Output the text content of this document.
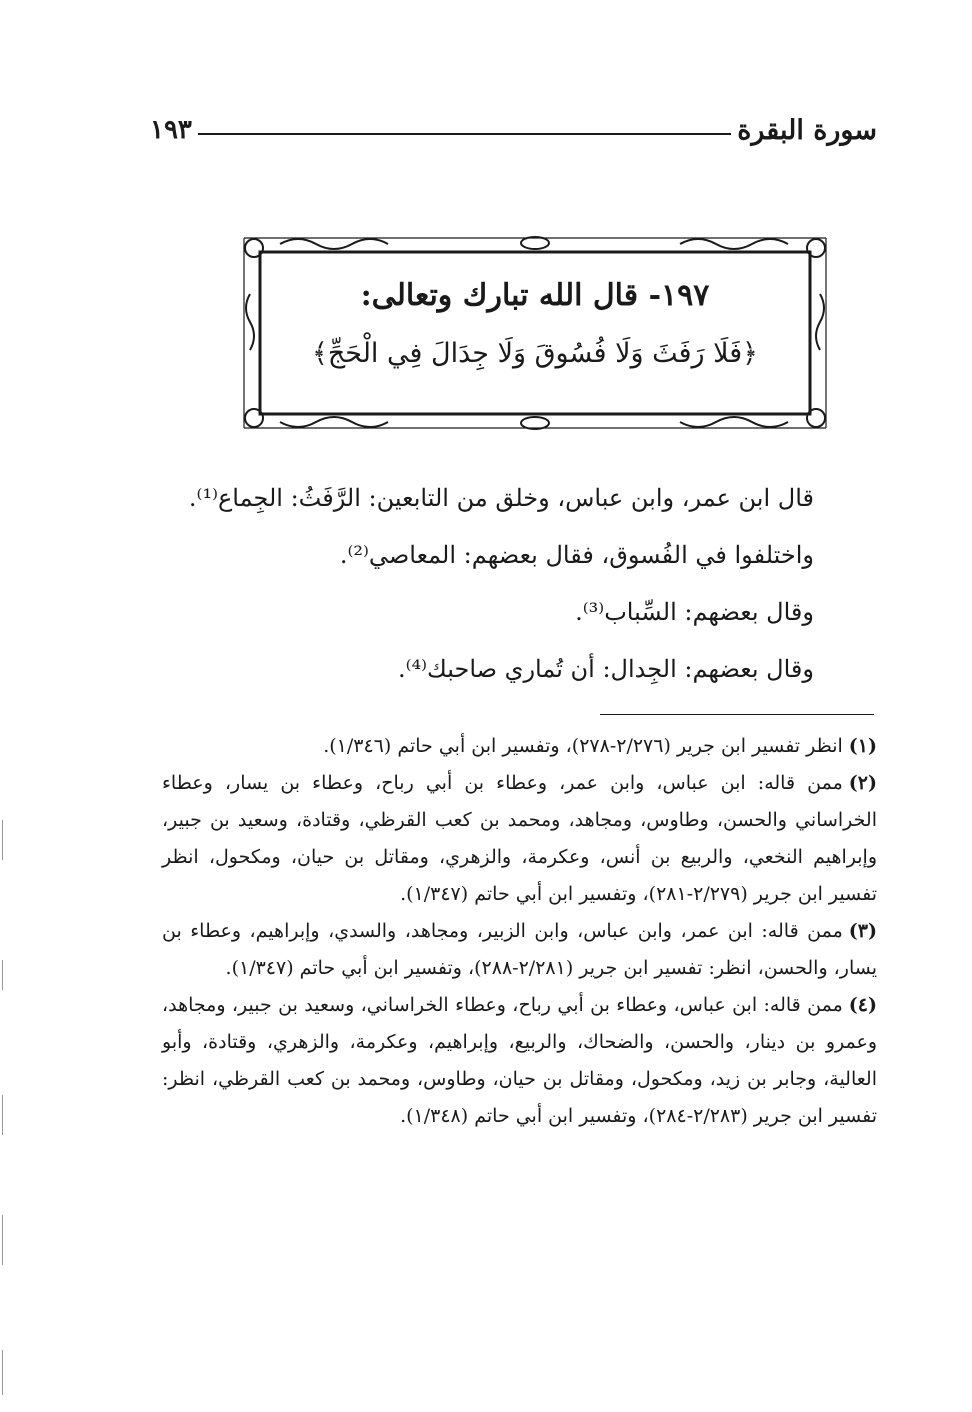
سورة البقرة
١٩٣
١٩٧- قال الله تبارك وتعالى:
﴿فَلَا رَفَثَ وَلَا فُسُوقَ وَلَا جِدَالَ فِي الْحَجِّ﴾

قال ابن عمر، وابن عباس، وخلق من التابعين: الرَّفَثُ: الجِماع⁽¹⁾.

واختلفوا في الفُسوق، فقال بعضهم: المعاصي⁽²⁾.

وقال بعضهم: السِّباب⁽³⁾.

وقال بعضهم: الجِدال: أن تُماري صاحبك⁽⁴⁾.

(١)انظر تفسير ابن جرير (٢/٢٧٦-٢٧٨)، وتفسير ابن أبي حاتم (١/٣٤٦).

(٢)ممن قاله: ابن عباس، وابن عمر، وعطاء بن أبي رباح، وعطاء بن يسار، وعطاء الخراساني والحسن، وطاوس، ومجاهد، ومحمد بن كعب القرظي، وقتادة، وسعيد بن جبير، وإبراهيم النخعي، والربيع بن أنس، وعكرمة، والزهري، ومقاتل بن حيان، ومكحول، انظر تفسير ابن جرير (٢/٢٧٩-٢٨١)، وتفسير ابن أبي حاتم (١/٣٤٧).

(٣)ممن قاله: ابن عمر، وابن عباس، وابن الزبير، ومجاهد، والسدي، وإبراهيم، وعطاء بن يسار، والحسن، انظر: تفسير ابن جرير (٢/٢٨١-٢٨٨)، وتفسير ابن أبي حاتم (١/٣٤٧).

(٤)ممن قاله: ابن عباس، وعطاء بن أبي رباح، وعطاء الخراساني، وسعيد بن جبير، ومجاهد، وعمرو بن دينار، والحسن، والضحاك، والربيع، وإبراهيم، وعكرمة، والزهري، وقتادة، وأبو العالية، وجابر بن زيد، ومكحول، ومقاتل بن حيان، وطاوس، ومحمد بن كعب القرظي، انظر: تفسير ابن جرير (٢/٢٨٣-٢٨٤)، وتفسير ابن أبي حاتم (١/٣٤٨).
